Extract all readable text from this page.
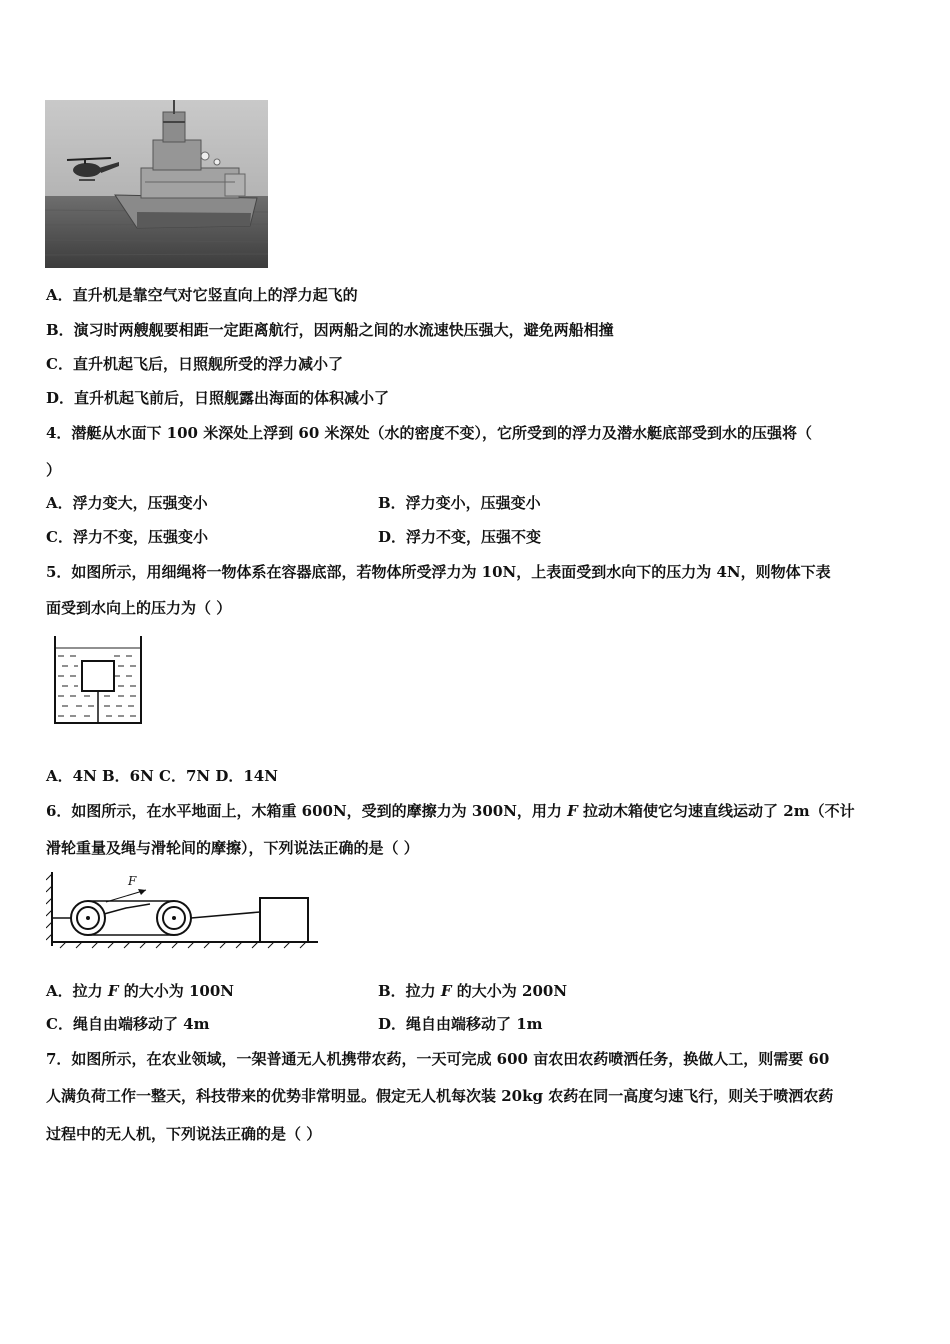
A．直升机是靠空气对它竖直向上的浮力起飞的
B．演习时两艘舰要相距一定距离航行，因两船之间的水流速快压强大，避免两船相撞
C．直升机起飞后，日照舰所受的浮力减小了
D．直升机起飞前后，日照舰露出海面的体积减小了
4．潜艇从水面下 100 米深处上浮到 60 米深处（水的密度不变），它所受到的浮力及潜水艇底部受到水的压强将（
）
A．浮力变大，压强变小	B．浮力变小，压强变小
C．浮力不变，压强变小	D．浮力不变，压强不变
5．如图所示，用细绳将一物体系在容器底部，若物体所受浮力为 10N，上表面受到水向下的压力为 4N，则物体下表
面受到水向上的压力为（ ）
A．4N B．6N C．7N D．14N
6．如图所示，在水平地面上，木箱重 600N，受到的摩擦力为 300N，用力 F 拉动木箱使它匀速直线运动了 2m（不计
滑轮重量及绳与滑轮间的摩擦），下列说法正确的是（ ）
F
A．拉力 F 的大小为 100N	B．拉力 F 的大小为 200N
C．绳自由端移动了 4m	D．绳自由端移动了 1m
7．如图所示，在农业领域，一架普通无人机携带农药，一天可完成 600 亩农田农药喷洒任务，换做人工，则需要 60
人满负荷工作一整天，科技带来的优势非常明显。假定无人机每次装 20kg 农药在同一高度匀速飞行，则关于喷洒农药
过程中的无人机，下列说法正确的是（ ）
